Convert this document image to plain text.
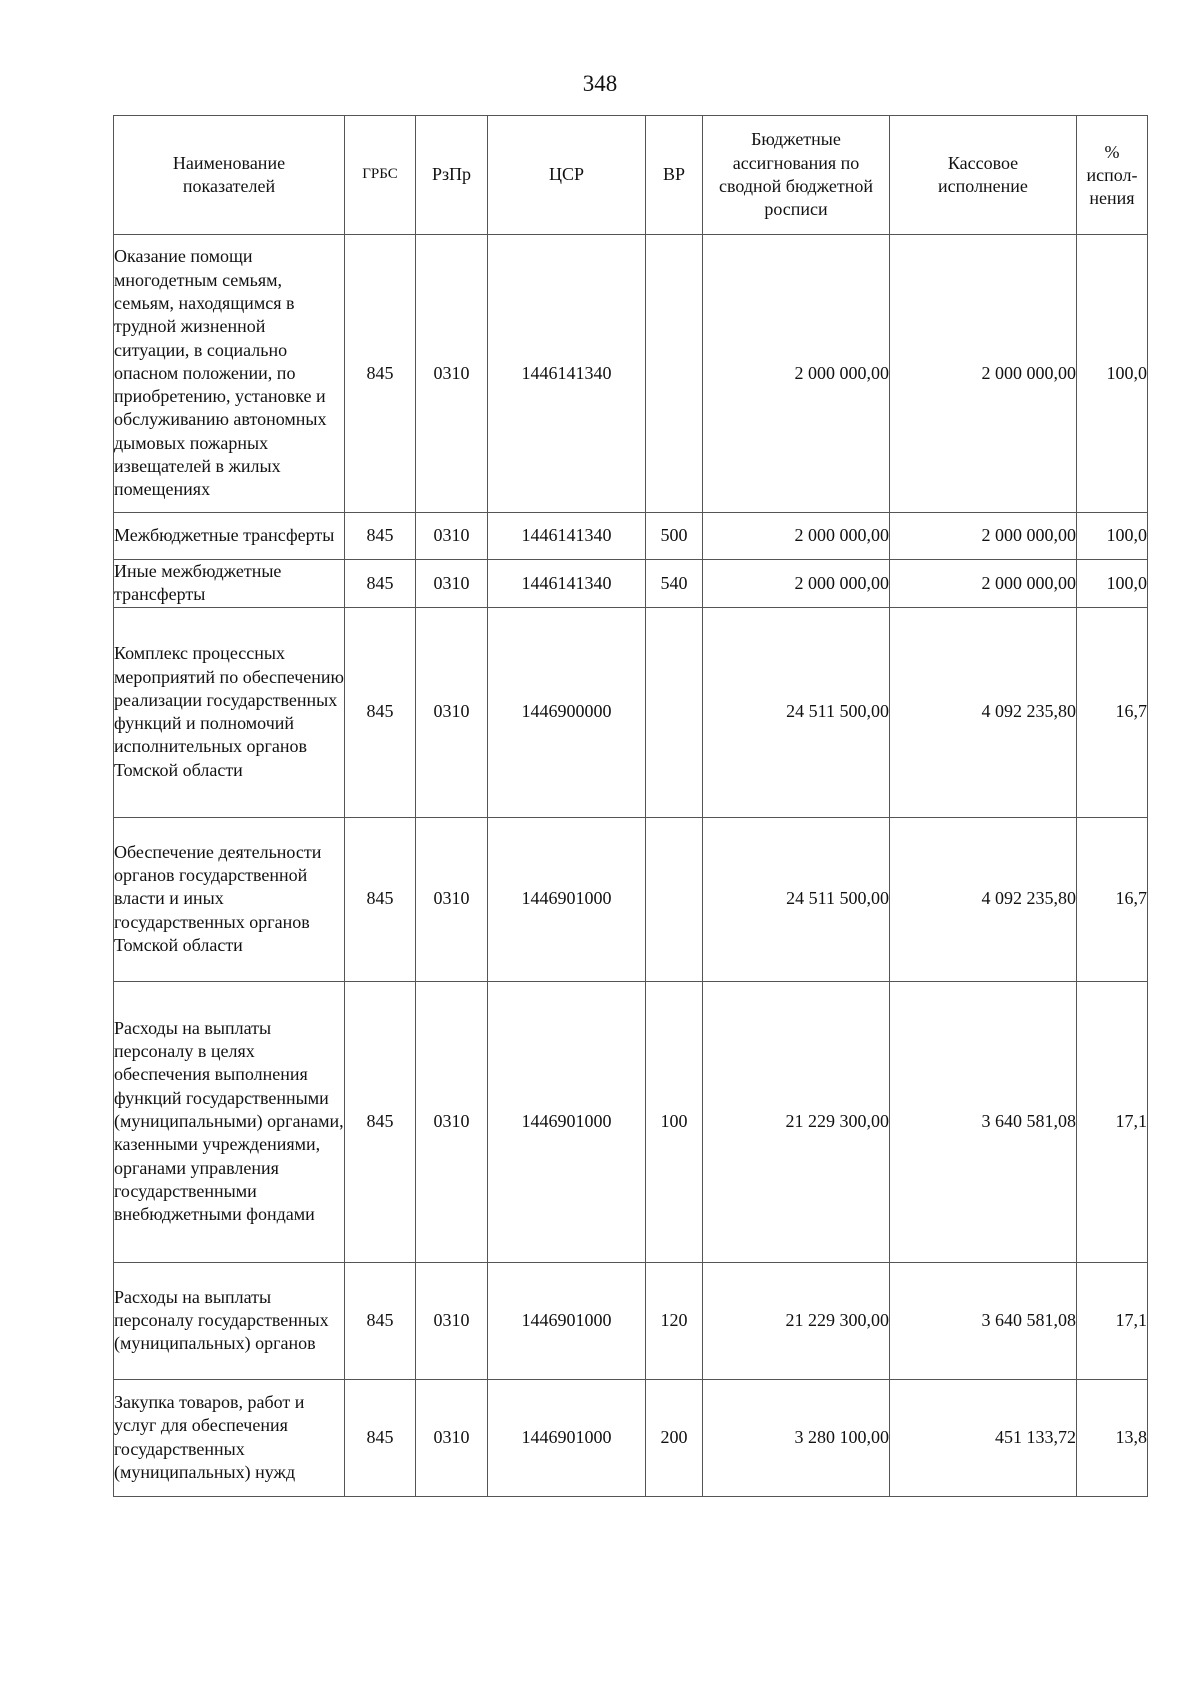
348
Наименование показателей	ГРБС	РзПр	ЦСР	ВР	Бюджетные ассигнования по сводной бюджетной росписи	Кассовое исполнение	% испол-нения
Оказание помощи многодетным семьям, семьям, находящимся в трудной жизненной ситуации, в социально опасном положении, по приобретению, установке и обслуживанию автономных дымовых пожарных извещателей в жилых помещениях	845	0310	1446141340		2 000 000,00	2 000 000,00	100,0
Межбюджетные трансферты	845	0310	1446141340	500	2 000 000,00	2 000 000,00	100,0
Иные межбюджетные трансферты	845	0310	1446141340	540	2 000 000,00	2 000 000,00	100,0
Комплекс процессных мероприятий по обеспечению реализации государственных функций и полномочий исполнительных органов Томской области	845	0310	1446900000		24 511 500,00	4 092 235,80	16,7
Обеспечение деятельности органов государственной власти и иных государственных органов Томской области	845	0310	1446901000		24 511 500,00	4 092 235,80	16,7
Расходы на выплаты персоналу в целях обеспечения выполнения функций государственными (муниципальными) органами, казенными учреждениями, органами управления государственными внебюджетными фондами	845	0310	1446901000	100	21 229 300,00	3 640 581,08	17,1
Расходы на выплаты персоналу государственных (муниципальных) органов	845	0310	1446901000	120	21 229 300,00	3 640 581,08	17,1
Закупка товаров, работ и услуг для обеспечения государственных (муниципальных) нужд	845	0310	1446901000	200	3 280 100,00	451 133,72	13,8
